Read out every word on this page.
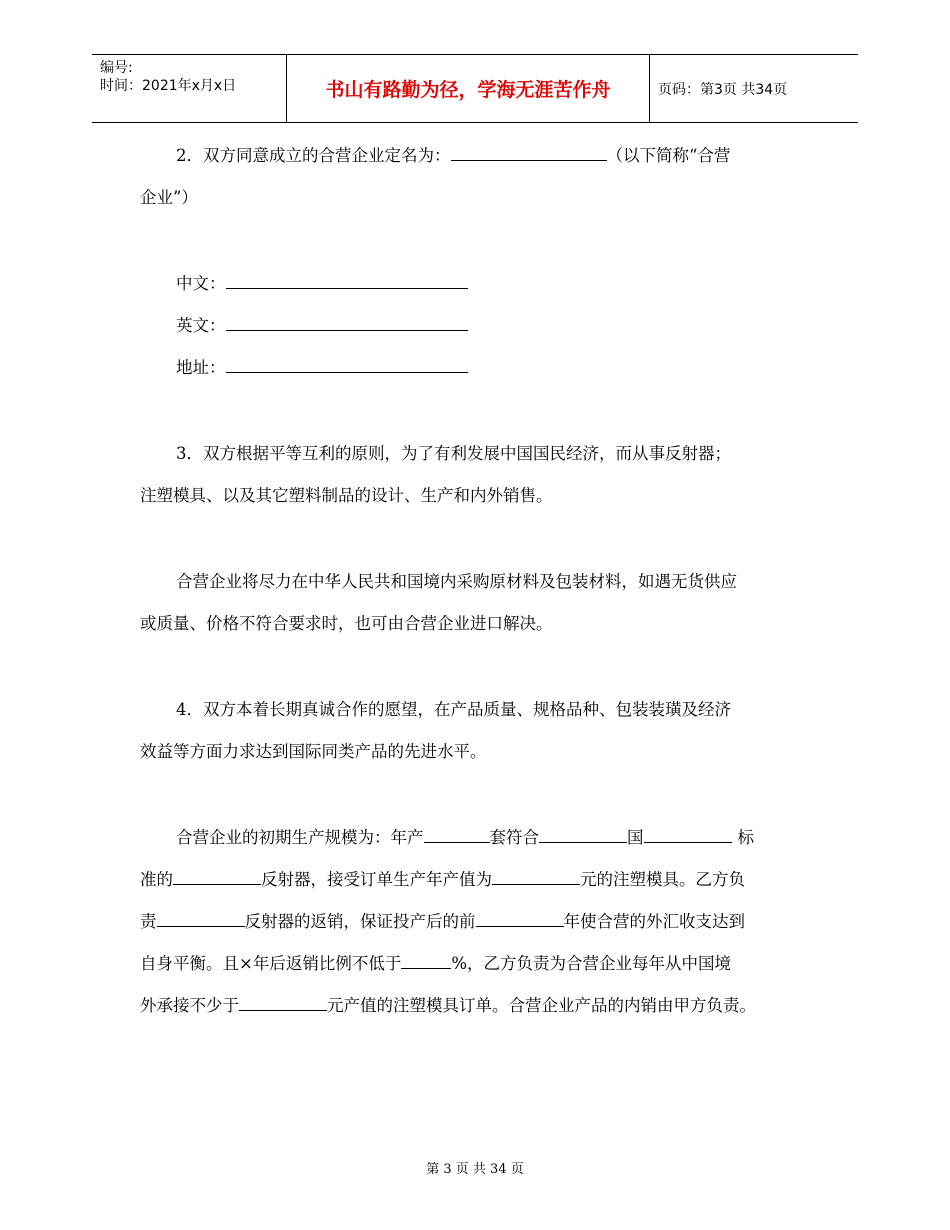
编号:
时间：2021年x月x日	书山有路勤为径，学海无涯苦作舟	页码：第3页 共34页
2．双方同意成立的合营企业定名为：	（以下简称“合营
企业”）
中文：
英文：
地址：
3．双方根据平等互利的原则，为了有利发展中国国民经济，而从事反射器；
注塑模具、以及其它塑料制品的设计、生产和内外销售。
合营企业将尽力在中华人民共和国境内采购原材料及包装材料，如遇无货供应
或质量、价格不符合要求时，也可由合营企业进口解决。
4．双方本着长期真诚合作的愿望，在产品质量、规格品种、包装装璜及经济
效益等方面力求达到国际同类产品的先进水平。
合营企业的初期生产规模为：年产	套符合	国	标
准的	反射器，接受订单生产年产值为	元的注塑模具。乙方负
责	反射器的返销，保证投产后的前	年使合营的外汇收支达到
自身平衡。且×年后返销比例不低于	%，乙方负责为合营企业每年从中国境
外承接不少于	元产值的注塑模具订单。合营企业产品的内销由甲方负责。
第 3 页 共 34 页
